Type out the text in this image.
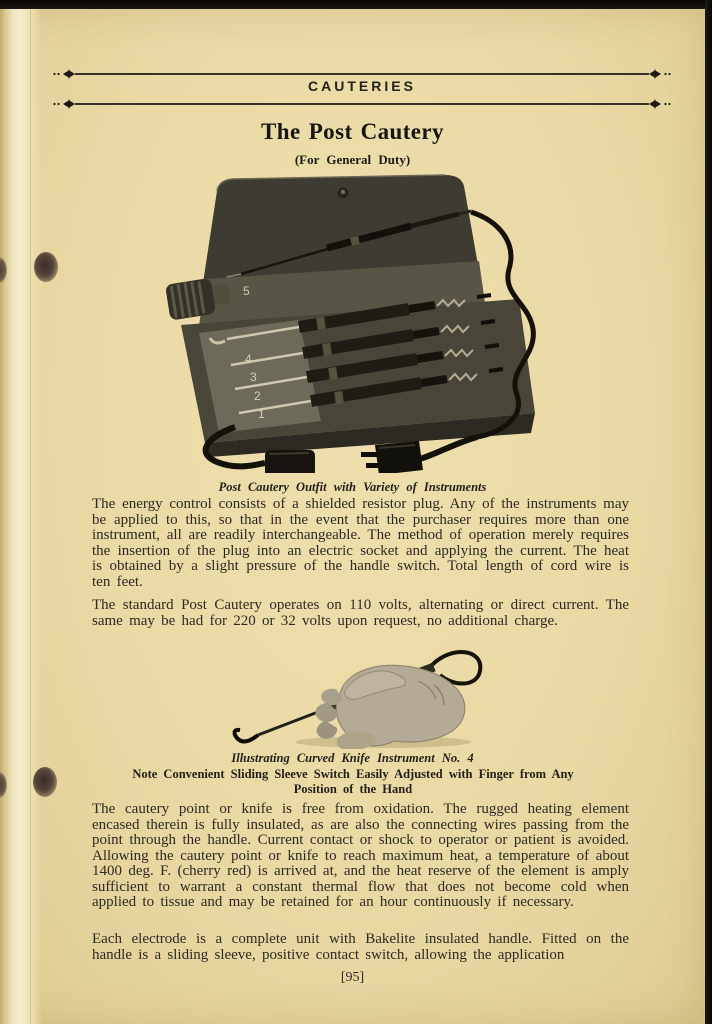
CAUTERIES
The Post Cautery
(For General Duty)
5
4
3
2
1
Post Cautery Outfit with Variety of Instruments
The energy control consists of a shielded resistor plug. Any of the instruments may be applied to this, so that in the event that the purchaser requires more than one instrument, all are readily interchangeable. The method of operation merely requires the insertion of the plug into an electric socket and applying the current. The heat is obtained by a slight pressure of the handle switch. Total length of cord wire is ten feet.
The standard Post Cautery operates on 110 volts, alternating or direct current. The same may be had for 220 or 32 volts upon request, no additional charge.
Illustrating Curved Knife Instrument No. 4
Note Convenient Sliding Sleeve Switch Easily Adjusted with Finger from Any Position of the Hand
The cautery point or knife is free from oxidation. The rugged heating element encased therein is fully insulated, as are also the connecting wires passing from the point through the handle. Current contact or shock to operator or patient is avoided. Allowing the cautery point or knife to reach maximum heat, a temperature of about 1400 deg. F. (cherry red) is arrived at, and the heat reserve of the element is amply sufficient to warrant a constant thermal flow that does not become cold when applied to tissue and may be retained for an hour continuously if necessary.
Each electrode is a complete unit with Bakelite insulated handle. Fitted on the handle is a sliding sleeve, positive contact switch, allowing the application
[95]
